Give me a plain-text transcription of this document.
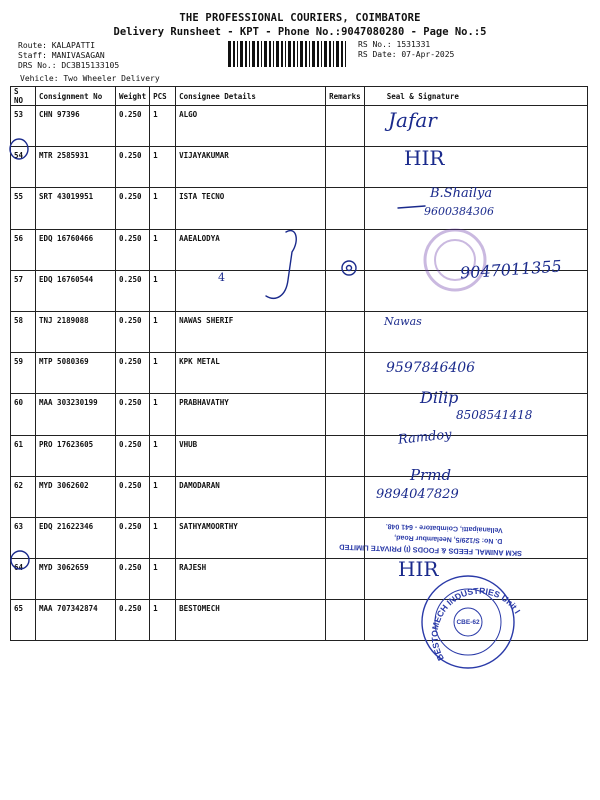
THE PROFESSIONAL COURIERS, COIMBATORE
Delivery Runsheet - KPT - Phone No.:9047080280 - Page No.:5
Route: KALAPATTI
Staff: MANIVASAGAN
DRS No.: DC3B15133105
RS No.: 1531331
RS Date: 07-Apr-2025
Vehicle: Two Wheeler Delivery
S NO	Consignment No	Weight	PCS	Consignee Details	Remarks	Seal & Signature
53	CHN 97396	0.250	1	ALGO		
54	MTR 2585931	0.250	1	VIJAYAKUMAR		
55	SRT 43019951	0.250	1	ISTA TECNO		
56	EDQ 16760466	0.250	1	AAEALODYA		
57	EDQ 16760544	0.250	1			
58	TNJ 2189088	0.250	1	NAWAS SHERIF		
59	MTP 5080369	0.250	1	KPK METAL		
60	MAA 303230199	0.250	1	PRABHAVATHY		
61	PRO 17623605	0.250	1	VHUB		
62	MYD 3062602	0.250	1	DAMODARAN		
63	EDQ 21622346	0.250	1	SATHYAMOORTHY		
64	MYD 3062659	0.250	1	RAJESH		
65	MAA 707342874	0.250	1	BESTOMECH		
SKM ANIMAL FEEDS & FOODS (I) PRIVATE LIMITED
D. No: S/129/5, Neelambur Road,
Vellanaipatti, Coimbatore - 641 048.
BESTOMECH INDUSTRIES Unit I
CBE-62
Jafar
HIR
B.Shailya
9600384306
4	9047011355
Nawas
9597846406
Dilip
8508541418
Ramdoy
Prmd
9894047829
HIR
